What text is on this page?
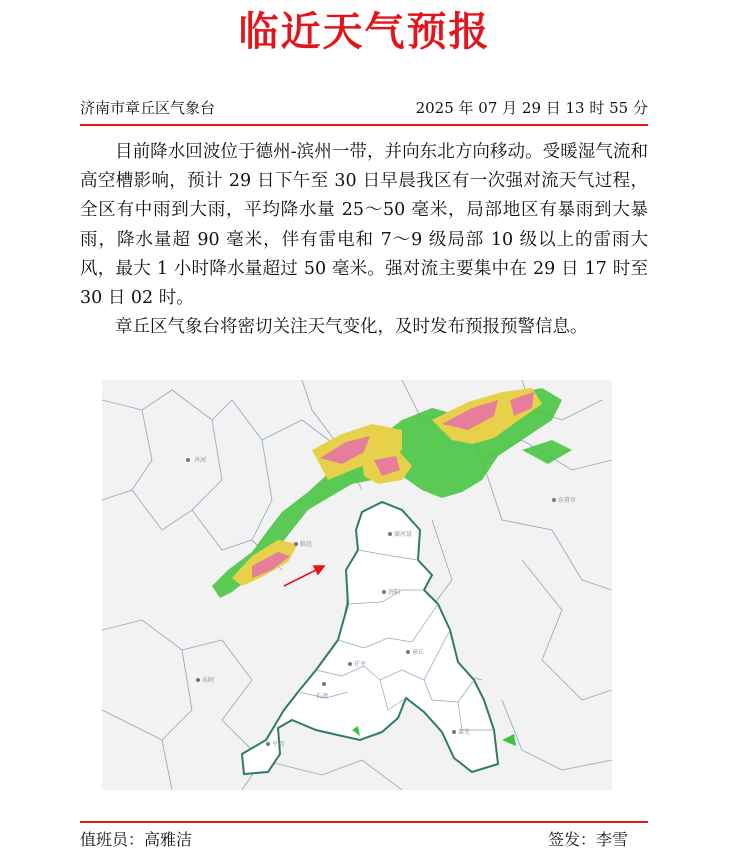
临近天气预报
济南市章丘区气象台	2025 年 07 月 29 日 13 时 55 分

目前降水回波位于德州-滨州一带，并向东北方向移动。受暖湿气流和高空槽影响，预计 29 日下午至 30 日早晨我区有一次强对流天气过程，全区有中雨到大雨，平均降水量 25～50 毫米，局部地区有暴雨到大暴雨，降水量超 90 毫米，伴有雷电和 7～9 级局部 10 级以上的雷雨大风，最大 1 小时降水量超过 50 毫米。强对流主要集中在 29 日 17 时至 30 日 02 时。

章丘区气象台将密切关注天气变化，及时发布预报预警信息。

商河县
济阳
齐河
章丘
长清
平阴
莱芜
东阿
茌平
临邑
东营市
值班员：高雅洁	签发：李雪
